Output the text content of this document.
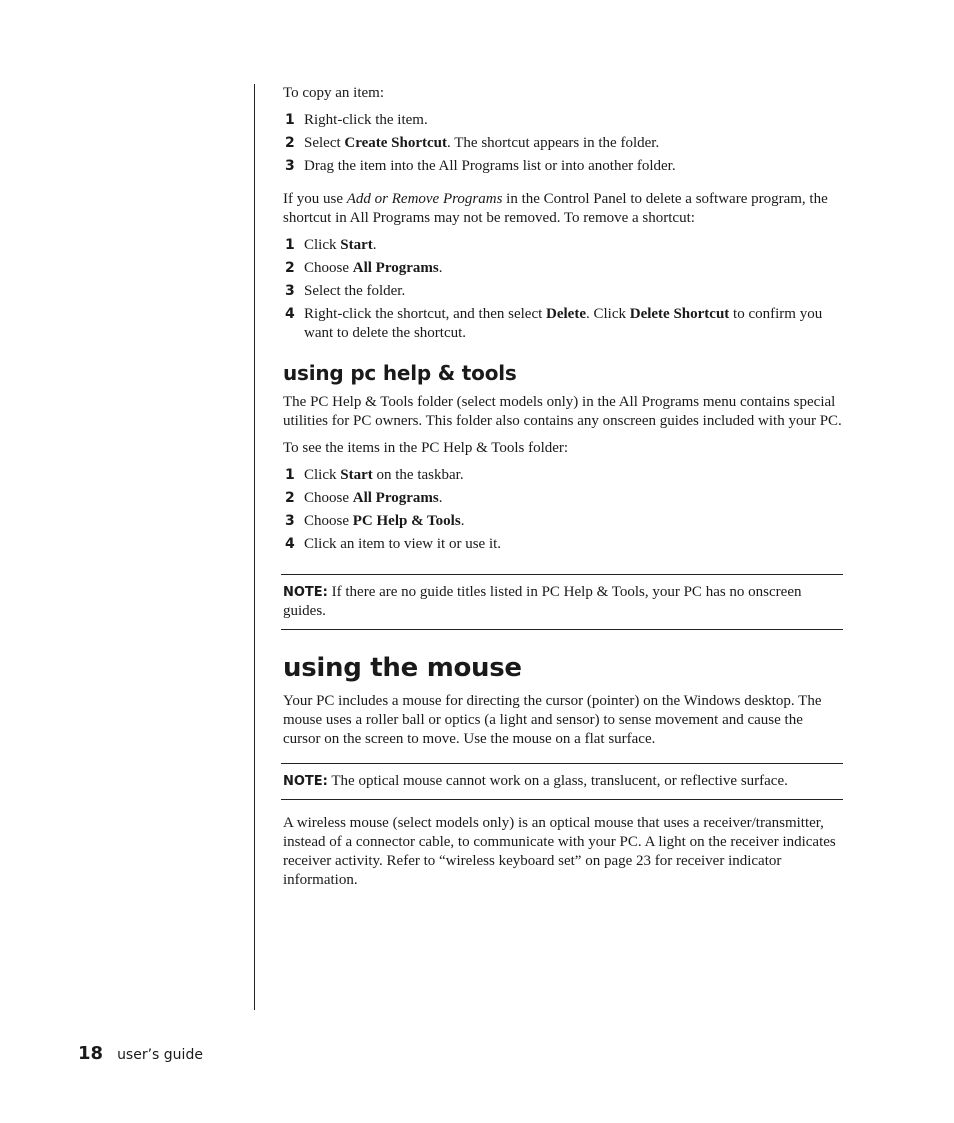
To copy an item:

1 Right-click the item.
2 Select Create Shortcut. The shortcut appears in the folder.
3 Drag the item into the All Programs list or into another folder.

If you use Add or Remove Programs in the Control Panel to delete a software program, the shortcut in All Programs may not be removed. To remove a shortcut:

1 Click Start.
2 Choose All Programs.
3 Select the folder.
4 Right-click the shortcut, and then select Delete. Click Delete Shortcut to confirm you want to delete the shortcut.
using pc help & tools

The PC Help & Tools folder (select models only) in the All Programs menu contains special utilities for PC owners. This folder also contains any onscreen guides included with your PC.

To see the items in the PC Help & Tools folder:

1 Click Start on the taskbar.
2 Choose All Programs.
3 Choose PC Help & Tools.
4 Click an item to view it or use it.
NOTE: If there are no guide titles listed in PC Help & Tools, your PC has no onscreen guides.
using the mouse

Your PC includes a mouse for directing the cursor (pointer) on the Windows desktop. The mouse uses a roller ball or optics (a light and sensor) to sense movement and cause the cursor on the screen to move. Use the mouse on a flat surface.

NOTE: The optical mouse cannot work on a glass, translucent, or reflective surface.

A wireless mouse (select models only) is an optical mouse that uses a receiver/transmitter, instead of a connector cable, to communicate with your PC. A light on the receiver indicates receiver activity. Refer to “wireless keyboard set” on page 23 for receiver indicator information.

18 user’s guide
